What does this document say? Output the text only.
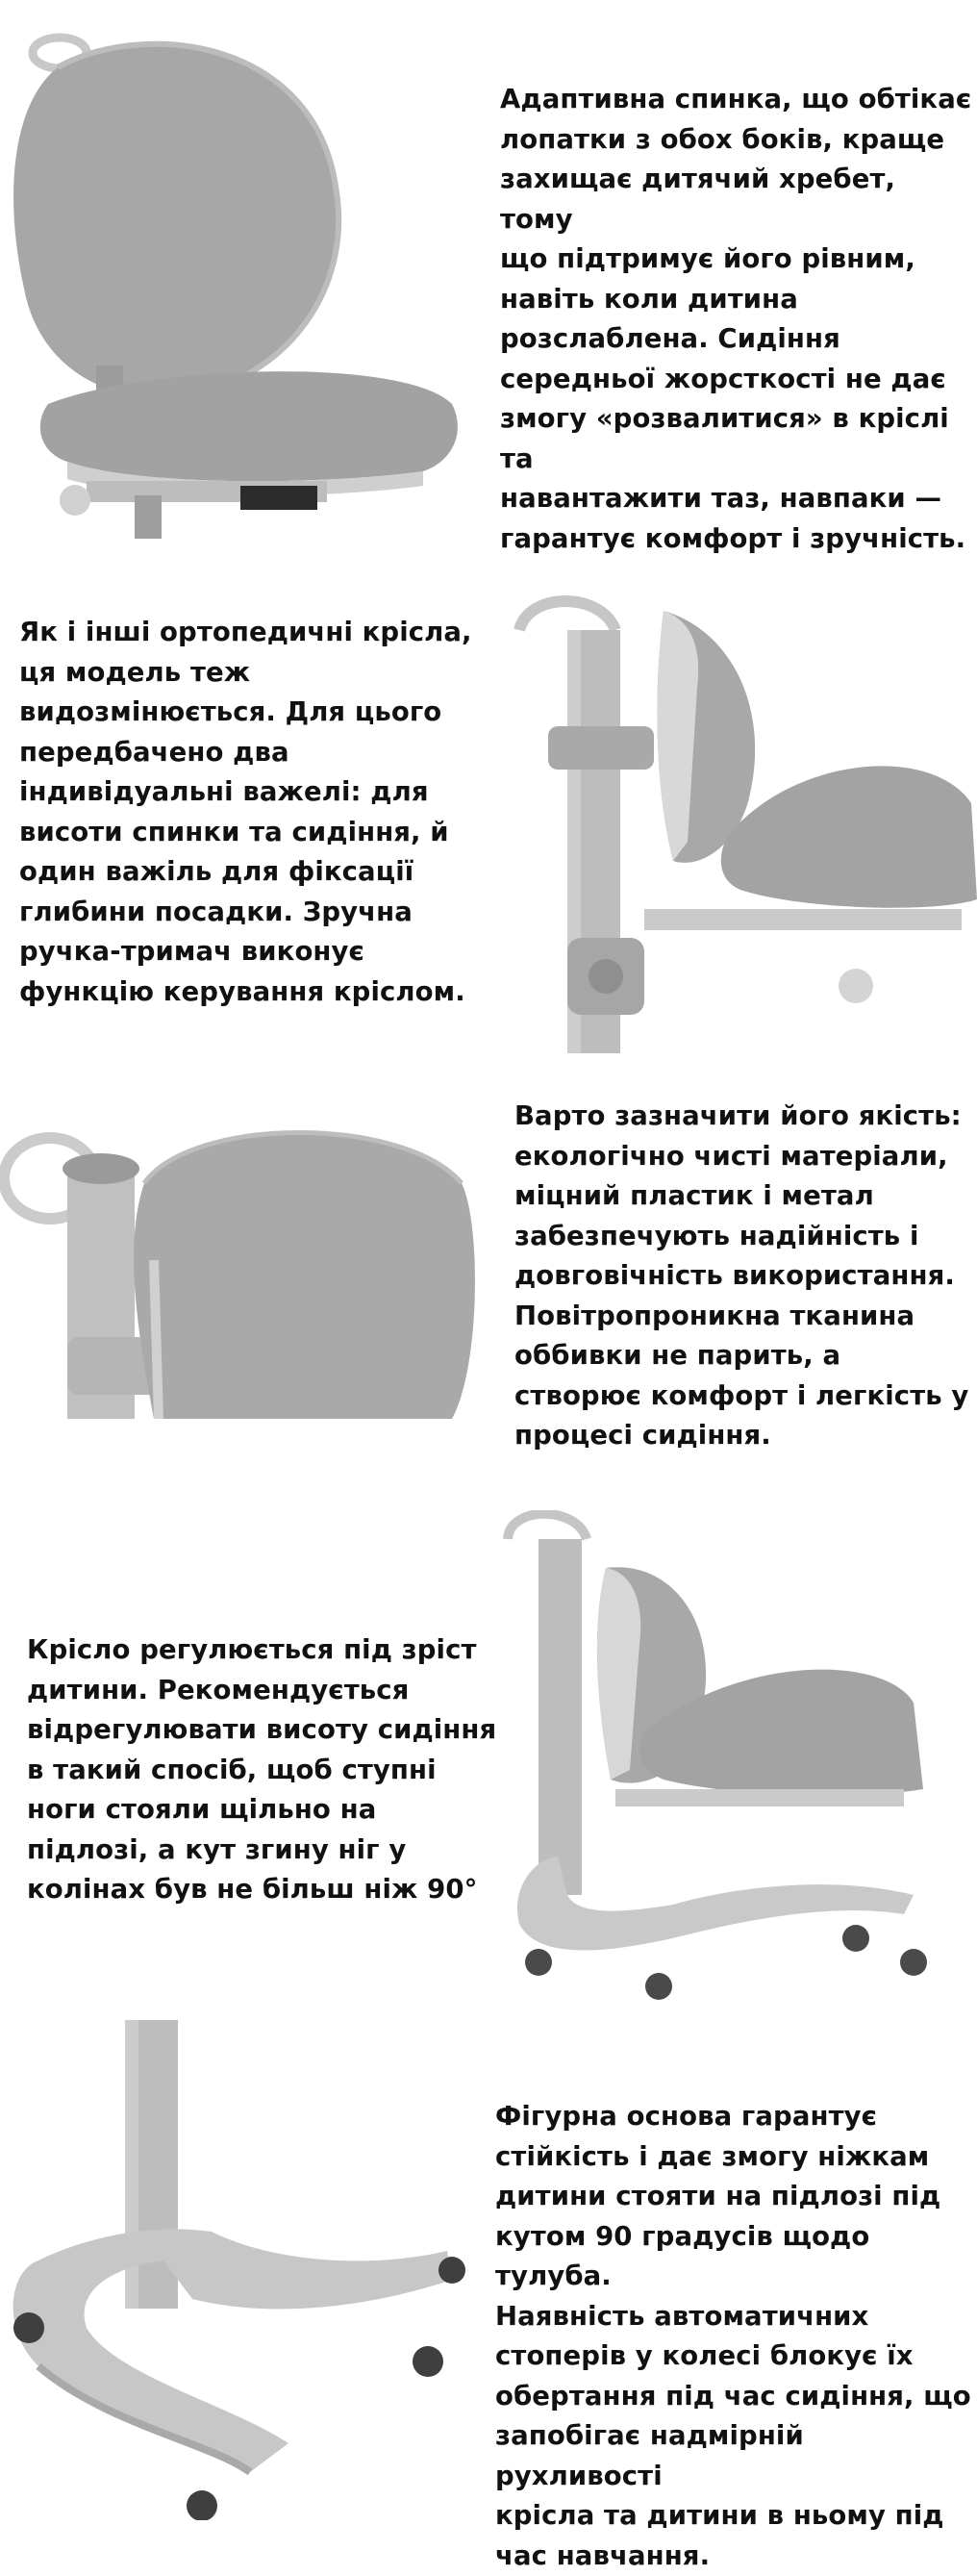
Адаптивна спинка, що обтікає
лопатки з обох боків, краще
захищає дитячий хребет, тому
що підтримує його рівним,
навіть коли дитина
розслаблена. Сидіння
середньої жорсткості не дає
змогу «розвалитися» в кріслі та
навантажити таз, навпаки —
гарантує комфорт і зручність.
Як і інші ортопедичні крісла,
ця модель теж
видозмінюється. Для цього
передбачено два
індивідуальні важелі: для
висоти спинки та сидіння, й
один важіль для фіксації
глибини посадки. Зручна
ручка-тримач виконує
функцію керування кріслом.
Варто зазначити його якість:
екологічно чисті матеріали,
міцний пластик і метал
забезпечують надійність і
довговічність використання.
Повітропроникна тканина
оббивки не парить, а
створює комфорт і легкість у
процесі сидіння.
Крісло регулюється під зріст
дитини. Рекомендується
відрегулювати висоту сидіння
в такий спосіб, щоб ступні
ноги стояли щільно на
підлозі, а кут згину ніг у
колінах був не більш ніж 90°
Фігурна основа гарантує
стійкість і дає змогу ніжкам
дитини стояти на підлозі під
кутом 90 градусів щодо тулуба.
Наявність автоматичних
стоперів у колесі блокує їх
обертання під час сидіння, що
запобігає надмірній рухливості
крісла та дитини в ньому під
час навчання.
